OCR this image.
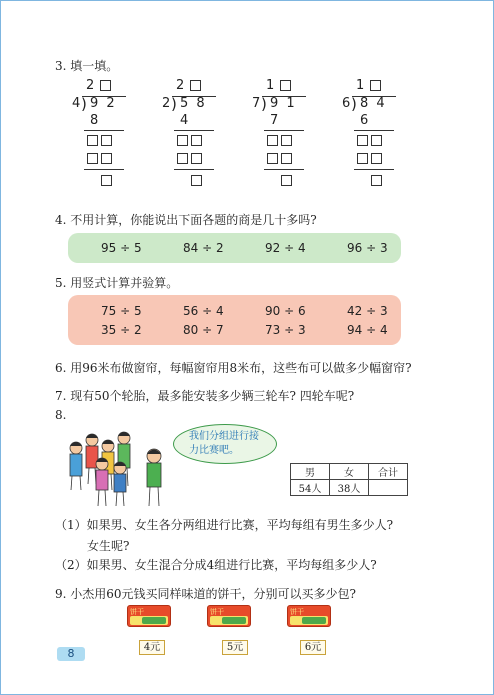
3. 填一填。
2
4 ) 9 2
8
2
2 ) 5 8
4
1
7 ) 9 1
7
1
6 ) 8 4
6
4. 不用计算，你能说出下面各题的商是几十多吗?
95 ÷ 5	84 ÷ 2	92 ÷ 4	96 ÷ 3
5. 用竖式计算并验算。
75 ÷ 5	56 ÷ 4	90 ÷ 6	42 ÷ 3
35 ÷ 2	80 ÷ 7	73 ÷ 3	94 ÷ 4
6. 用96米布做窗帘，每幅窗帘用8米布，这些布可以做多少幅窗帘?
7. 现有50个轮胎，最多能安装多少辆三轮车? 四轮车呢?
8.
我们分组进行接
力比赛吧。
男	女	合计
54人	38人	
（1）如果男、女生各分两组进行比赛，平均每组有男生多少人?
女生呢?
（2）如果男、女生混合分成4组进行比赛，平均每组多少人?
9. 小杰用60元钱买同样味道的饼干，分别可以买多少包?
饼干
4元
饼干
5元
饼干
6元
8
